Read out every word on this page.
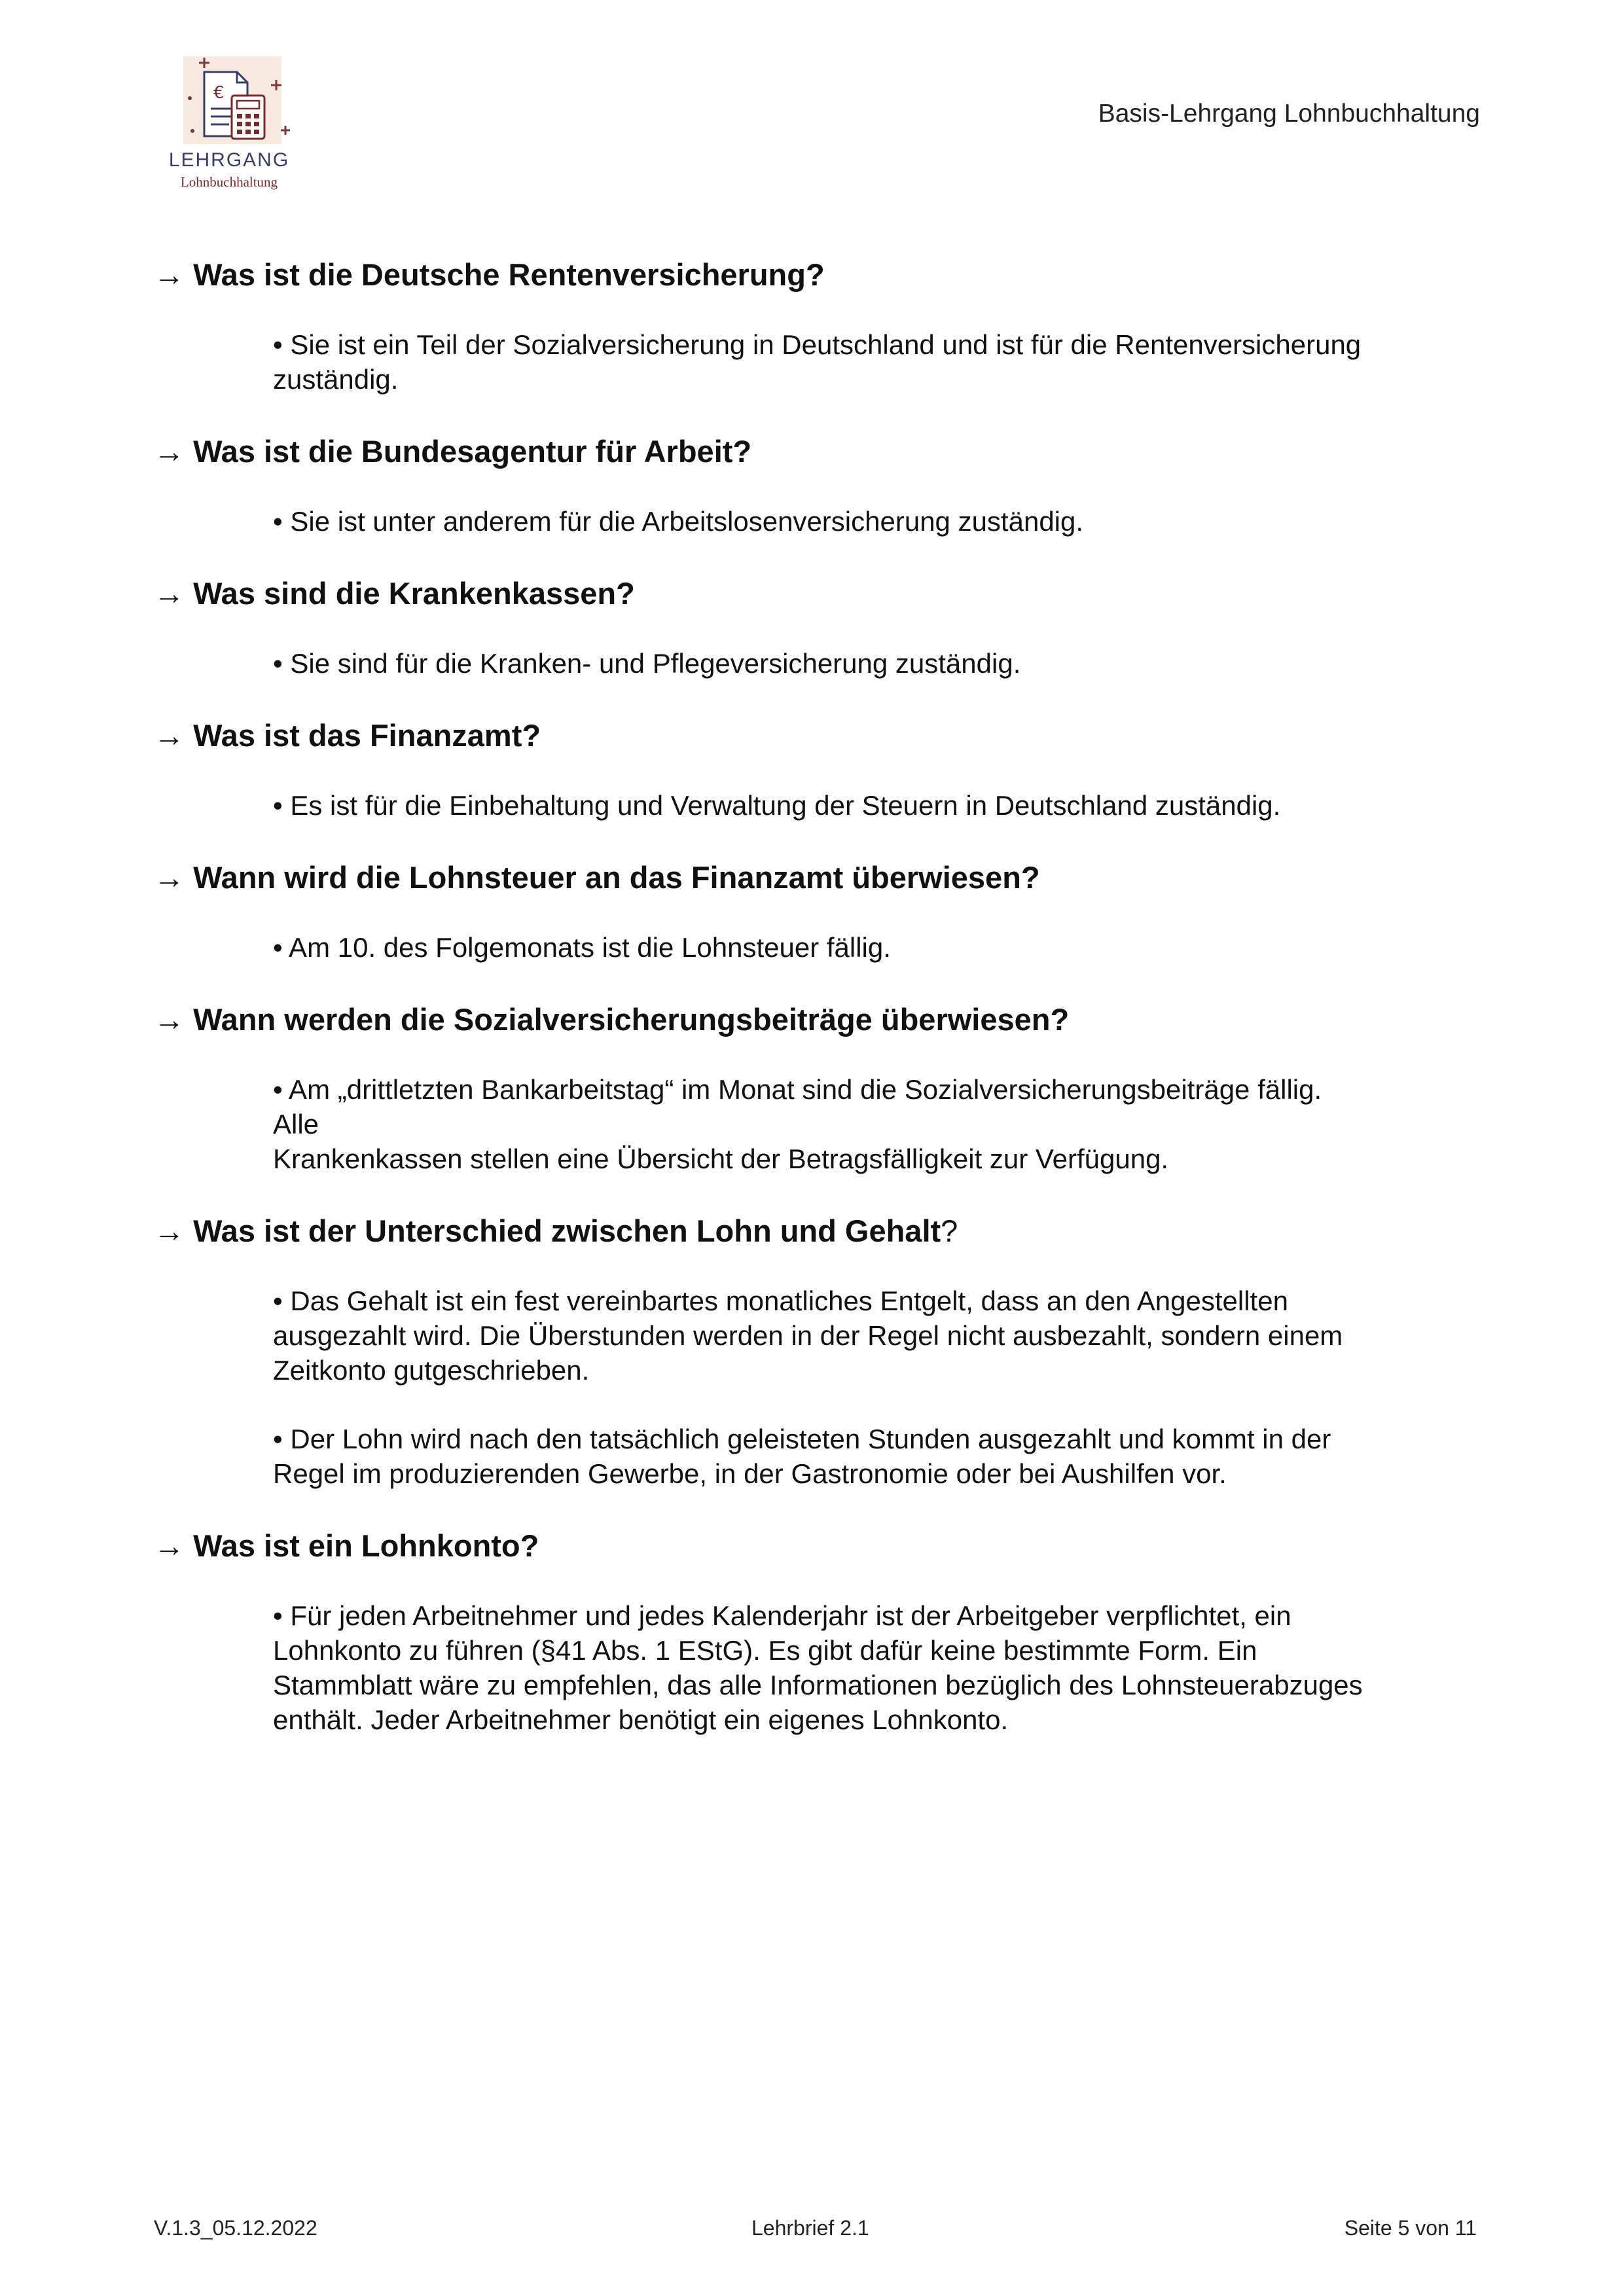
€
LEHRGANG
Lohnbuchhaltung
Basis-Lehrgang Lohnbuchhaltung

→ Was ist die Deutsche Rentenversicherung?

• Sie ist ein Teil der Sozialversicherung in Deutschland und ist für die Rentenversicherung
zuständig.

→ Was ist die Bundesagentur für Arbeit?

• Sie ist unter anderem für die Arbeitslosenversicherung zuständig.

→ Was sind die Krankenkassen?

• Sie sind für die Kranken- und Pflegeversicherung zuständig.

→ Was ist das Finanzamt?

• Es ist für die Einbehaltung und Verwaltung der Steuern in Deutschland zuständig.

→ Wann wird die Lohnsteuer an das Finanzamt überwiesen?

• Am 10. des Folgemonats ist die Lohnsteuer fällig.

→ Wann werden die Sozialversicherungsbeiträge überwiesen?

• Am „drittletzten Bankarbeitstag“ im Monat sind die Sozialversicherungsbeiträge fällig.
Alle
Krankenkassen stellen eine Übersicht der Betragsfälligkeit zur Verfügung.

→ Was ist der Unterschied zwischen Lohn und Gehalt?

• Das Gehalt ist ein fest vereinbartes monatliches Entgelt, dass an den Angestellten
ausgezahlt wird. Die Überstunden werden in der Regel nicht ausbezahlt, sondern einem
Zeitkonto gutgeschrieben.
• Der Lohn wird nach den tatsächlich geleisteten Stunden ausgezahlt und kommt in der
Regel im produzierenden Gewerbe, in der Gastronomie oder bei Aushilfen vor.

→ Was ist ein Lohnkonto?

• Für jeden Arbeitnehmer und jedes Kalenderjahr ist der Arbeitgeber verpflichtet, ein
Lohnkonto zu führen (§41 Abs. 1 EStG). Es gibt dafür keine bestimmte Form. Ein
Stammblatt wäre zu empfehlen, das alle Informationen bezüglich des Lohnsteuerabzuges
enthält. Jeder Arbeitnehmer benötigt ein eigenes Lohnkonto.
V.1.3_05.12.2022	Lehrbrief 2.1	Seite 5 von 11
